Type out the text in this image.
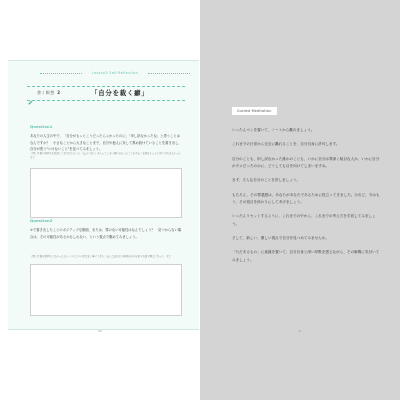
Lesson3 Self-Reflection
書く瞑想 2	「自分を裁く癖」
Question1

あなたの人生の中で、「自分がもっとこうだったらよかったのに」「申し訳なかったな」と思うことはなんですか？　小さなことから大きなことまで、自分や他人に対して責め続けていることを書き出し、自分が思う"いけないこと"を並べてみましょう。

（例）仕事の効率化を意識しておけばよかった／友人に冷たく当たってしまい謝れなかったことがある／家族をもっと大切にすればよかった　など

Question2

①で書き出したことのポジティブな側面、または、罪のない可能性はなんでしょう？　見つからない場合は、その可能性があるかもしれない、という視点で眺めてみましょう。

（例）仕事を効率化しなかったぶん一つひとつの作業を丁寧にできた／友人と話せない時間が自分を見つめ直す機会になった　など

60
Guided Meditation

いったんペンを置いて、ノートから離れましょう。

これまでの日常から完全に離れることを、自分自身に許可します。

自分のことも、申し訳なかった誰かのことも、いかに自分は罪深く駄目な人か、いかに自分がダメだったのかに、どうしても目を向けてしまいますね。

まず、そんな自分のことを許しましょう。

もちろん、その罪悪感は、あなたがあなたであるために役立ってきました。けれど、今はもう、その役目を終わりにしてあげましょう。

いったんリセットするように、これまでの中から、これまでの考え方を手放してみましょう。

そして、新しい、優しい視点で自分を見つめてみませんか。

「ただあるもの」に意識を置いて、自分自身と深い呼吸を感じながら、その瞬間に気付いてみましょう。

61
